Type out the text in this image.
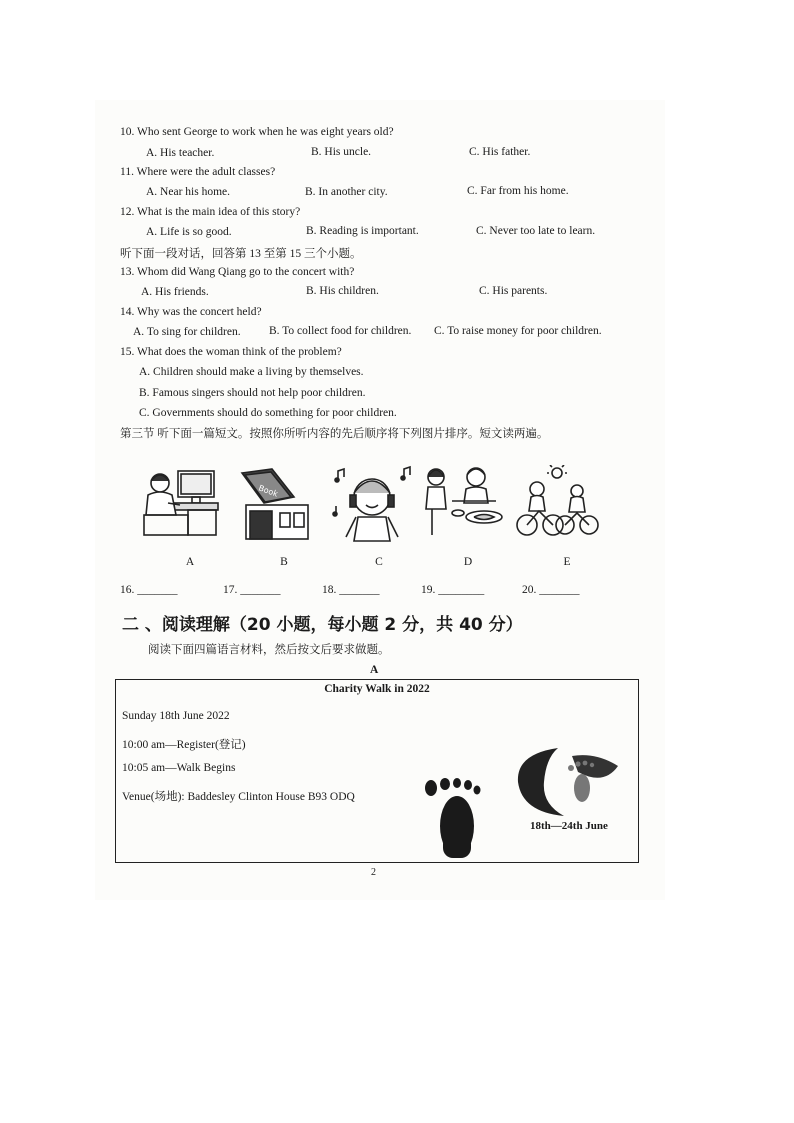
10. Who sent George to work when he was eight years old?
A. His teacher.	B. His uncle.	C. His father.
11. Where were the adult classes?
A. Near his home.	B. In another city.	C. Far from his home.
12. What is the main idea of this story?
A. Life is so good.	B. Reading is important.	C. Never too late to learn.
听下面一段对话，回答第 13 至第 15 三个小题。
13. Whom did Wang Qiang go to the concert with?
A. His friends.	B. His children.	C. His parents.
14. Why was the concert held?
A. To sing for children. B. To collect food for children. C. To raise money for poor children.
15. What does the woman think of the problem?
A. Children should make a living by themselves.
B. Famous singers should not help poor children.
C. Governments should do something for poor children.
第三节 听下面一篇短文。按照你所听内容的先后顺序将下列图片排序。短文读两遍。
Book
A	B	C	D	E
16. _______	17. _______	18. _______	19. ________	20. _______
二 、阅读理解（20 小题，每小题 2 分，共 40 分）
阅读下面四篇语言材料，然后按文后要求做题。
A
Charity Walk in 2022
Sunday 18th June 2022
10:00 am—Register(登记)
10:05 am—Walk Begins
Venue(场地): Baddesley Clinton House B93 ODQ
18th—24th June
2
